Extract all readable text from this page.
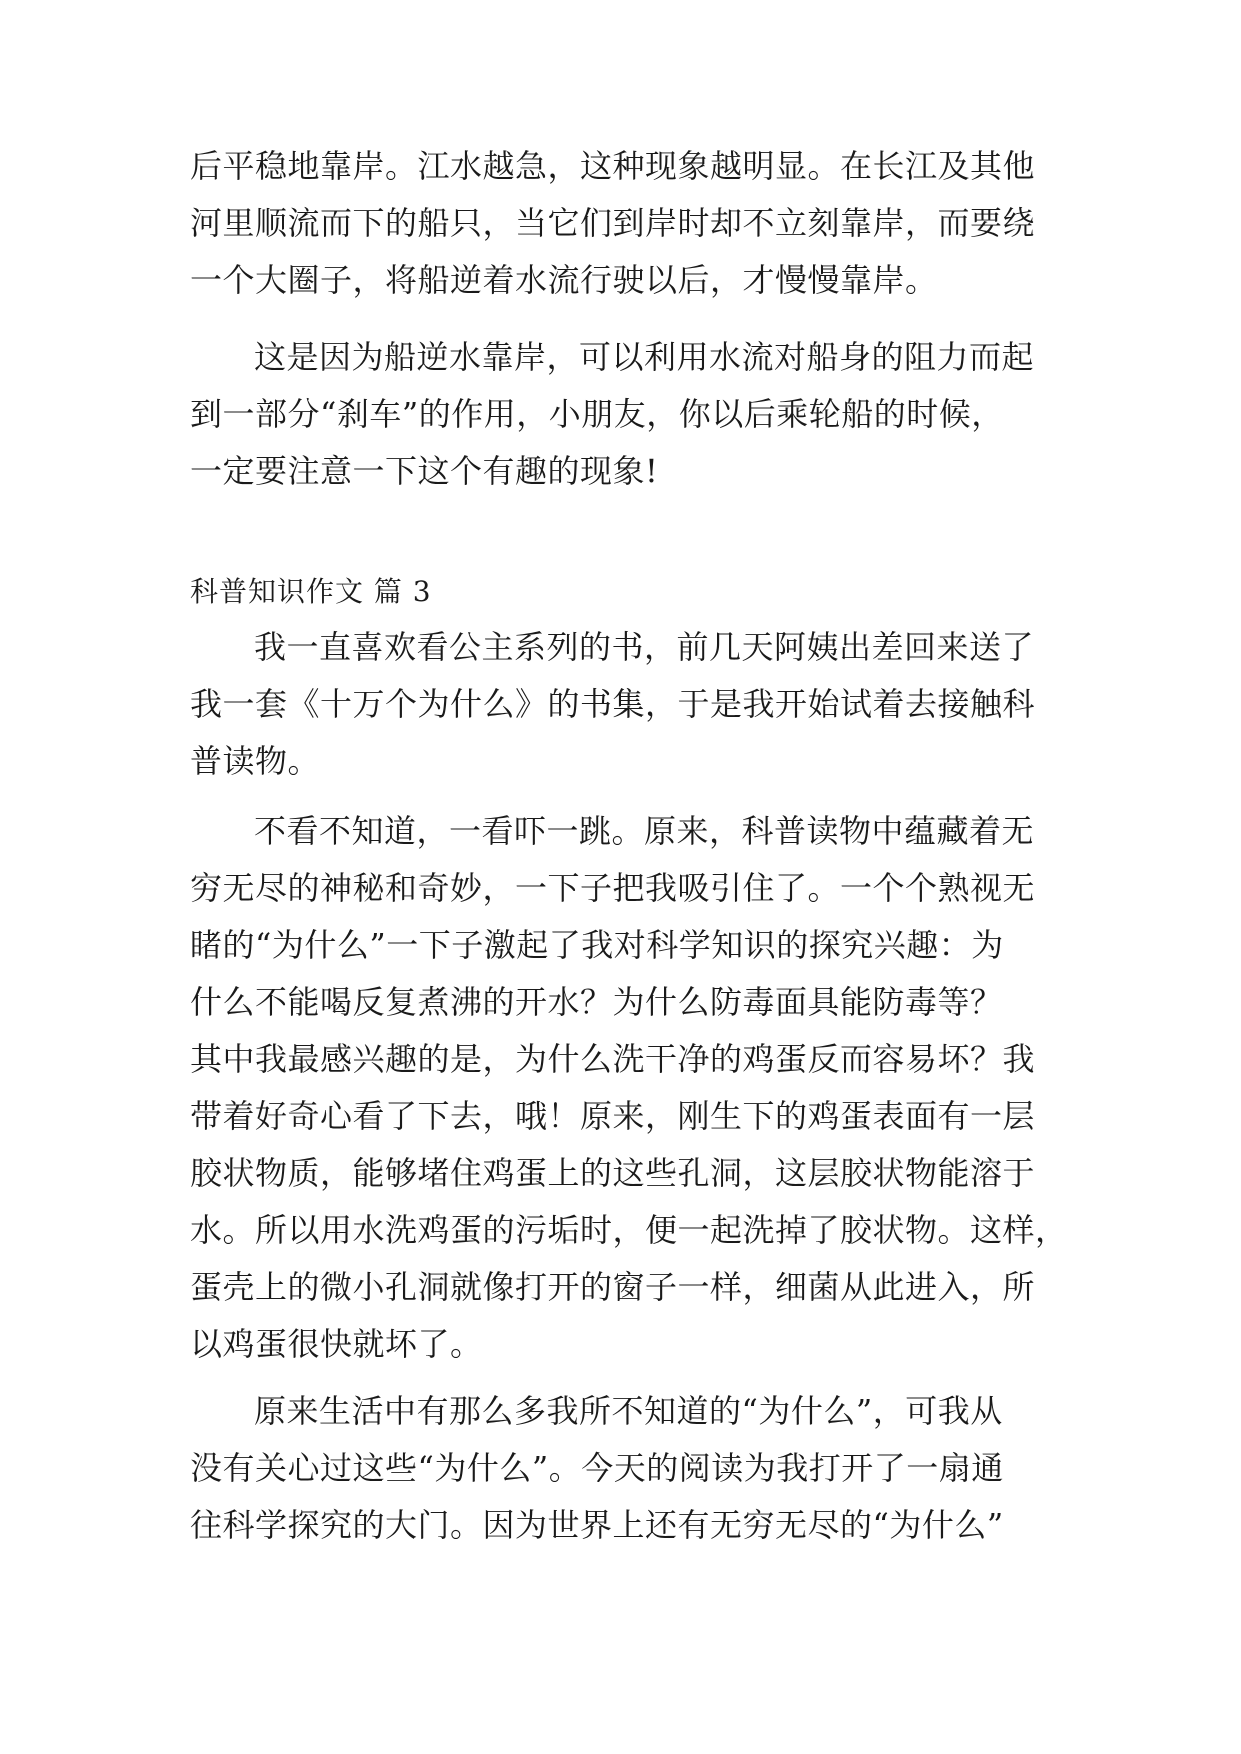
后平稳地靠岸。江水越急，这种现象越明显。在长江及其他
河里顺流而下的船只，当它们到岸时却不立刻靠岸，而要绕
一个大圈子，将船逆着水流行驶以后，才慢慢靠岸。
这是因为船逆水靠岸，可以利用水流对船身的阻力而起
到一部分“刹车”的作用，小朋友，你以后乘轮船的时候，
一定要注意一下这个有趣的现象!
科普知识作文 篇 3
我一直喜欢看公主系列的书，前几天阿姨出差回来送了
我一套《十万个为什么》的书集，于是我开始试着去接触科
普读物。
不看不知道，一看吓一跳。原来，科普读物中蕴藏着无
穷无尽的神秘和奇妙，一下子把我吸引住了。一个个熟视无
睹的“为什么”一下子激起了我对科学知识的探究兴趣：为
什么不能喝反复煮沸的开水？为什么防毒面具能防毒等？
其中我最感兴趣的是，为什么洗干净的鸡蛋反而容易坏？我
带着好奇心看了下去，哦！原来，刚生下的鸡蛋表面有一层
胶状物质，能够堵住鸡蛋上的这些孔洞，这层胶状物能溶于
水。所以用水洗鸡蛋的污垢时，便一起洗掉了胶状物。这样，
蛋壳上的微小孔洞就像打开的窗子一样，细菌从此进入，所
以鸡蛋很快就坏了。
原来生活中有那么多我所不知道的“为什么”，可我从
没有关心过这些“为什么”。今天的阅读为我打开了一扇通
往科学探究的大门。因为世界上还有无穷无尽的“为什么”
